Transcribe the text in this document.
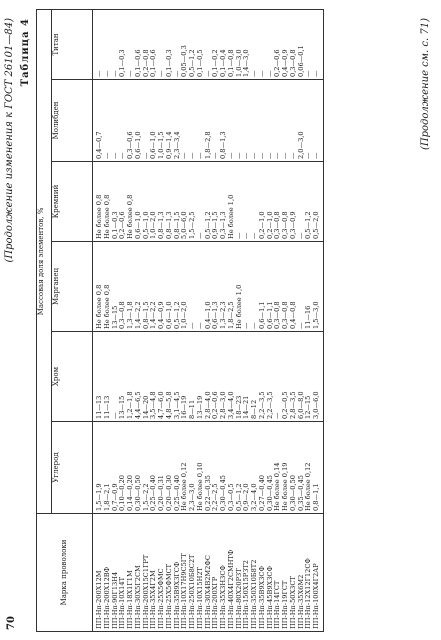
70
(Продолжение изменения к ГОСТ 26101—84) Таблица 4
Марка проволоки	Массовая доля элементов, %					
	Углерод	Хром	Марганец	Кремний	Молибден	Титан
ПП-Нп-200Х12М	1,5—1,9	11—13	Не более 0,8	Не более 0,8	0,4—0,7	—
ПП-Нп-200Х12ВФ	1,8—2,1	11—13	Не более 0,8	Не более 0,8	—	—
ПП-Нп-90Г13Н4	0,7—0,9	—	13—15	0,1—0,3	—	—
ПП-Нп-10Х14Т	0,10—0,20	13—15	0,3—0,8	0,2—0,6	—	0,1—0,3
ПП-Нп-18Х1Г1М	0,14—0,20	1,2—1,8	1,3—1,8	Не более 0,8	0,3—0,6	—
ПП-Нп-30Х5Г2СМ	0,30—0,50	4,4—6,5	1,4—2,2	0,6—1,0	0,6—1,0	0,1—0,6
ПП-Нп-200Х15С1ГРТ	1,5—2,2	14—20	0,8—1,5	0,5—1,0	—	0,2—0,8
ПП-Нп-35Х4Г2М	0,25—0,40	3,5—4,8	1,4—2,2	1,0—2,0	0,6—1,0	0,1—0,6
ПП-Нп-25Х5ФМС	0,20—0,31	4,7—6,0	0,4—0,9	0,8—1,3	1,0—1,5	—
ПП-Нп-25Х5ФМСТ	0,20—0,30	4,8—5,8	0,6—1,0	0,8—1,3	0,9—1,4	0,1—0,3
ПП-Нп-35В9Х3ГСФ	0,25—0,40	3,1—4,5	0,5—1,2	0,8—1,5	2,3—3,4	—
ПП-Нп-10Х17Н9С5ГТ	Не более 0,12	16—19	1,0—2,0	5,0—6,0	—	0,05—0,3
ПП-Нп-250Х10Б8С2Т	2,3—3,0	8—11	—	1,5—2,5	—	0,5—1,2
ПП-Нп-10Х15Н2Т	Не более 0,10	13—19	—	—	—	0,1—0,5
ПП-Нп-30Х4В2М2ФС	0,22—0,35	2,8—4,0	0,4—1,0	0,5—1,2	1,8—2,8	—
ПП-Нп-200ХГР	2,2—2,5	0,2—0,6	0,6—1,3	0,9—1,5	—	0,1—0,2
ПП-Нп-35Х3Н3СФ	0,30—0,45	2,8—3,0	1,3—2,3	0,3—1,3	0,8—1,3	0,1—0,4
ПП-Нп-40Х4Г2СМНТФ	0,3—0,5	3,4—4,0	1,8—2,5	Не более 1,0	—	0,1—0,8
ПП-Нп-80Х20Р3Т	0,5—1,2	18—23	Не более 1,0	—	—	1,0—3,0
ПП-Нп-150Х15Р3Т2	0,9—2,0	14—21	—	—	—	1,4—3,0
ПП-Нп-350Х10Б8Т2	3,2—4,0	8—12	—	—	—	—
ПП-Нп-35В9Х3СФ	0,27—0,40	2,2—3,5	0,6—1,1	0,2—1,0	—	—
ПП-Нп-45В9Х3СФ	0,30—0,45	2,2—3,5	0,6—1,1	0,2—1,0	—	—
ПП-Нп-14ГСТ	Не более 0,14	—	0,3—0,8	0,3—0,8	—	0,2—0,6
ПП-Нп-19ГСТ	Не более 0,19	0,2—0,5	0,3—0,8	0,3—0,8	—	0,4—0,9
ПП-Нп-50Х3СТ	0,30—0,50	2,8—3,5	0,4—0,8	0,3—0,9	—	0,3—0,8
ПП-Нп-35Х6М2	0,35—0,45	6,0—8,0	—	—	2,0—3,0	0,06—0,1
ПП-Нп-12Х12Г12СФ	Не более 0,12	12—15	11—16	0,5—1,2	—	—
ПП-Нп-100Х4Г2АР	0,8—1,1	3,0—6,0	1,5—3,0	0,5—2,0	—	—	(Продолжение см. с. 71)
